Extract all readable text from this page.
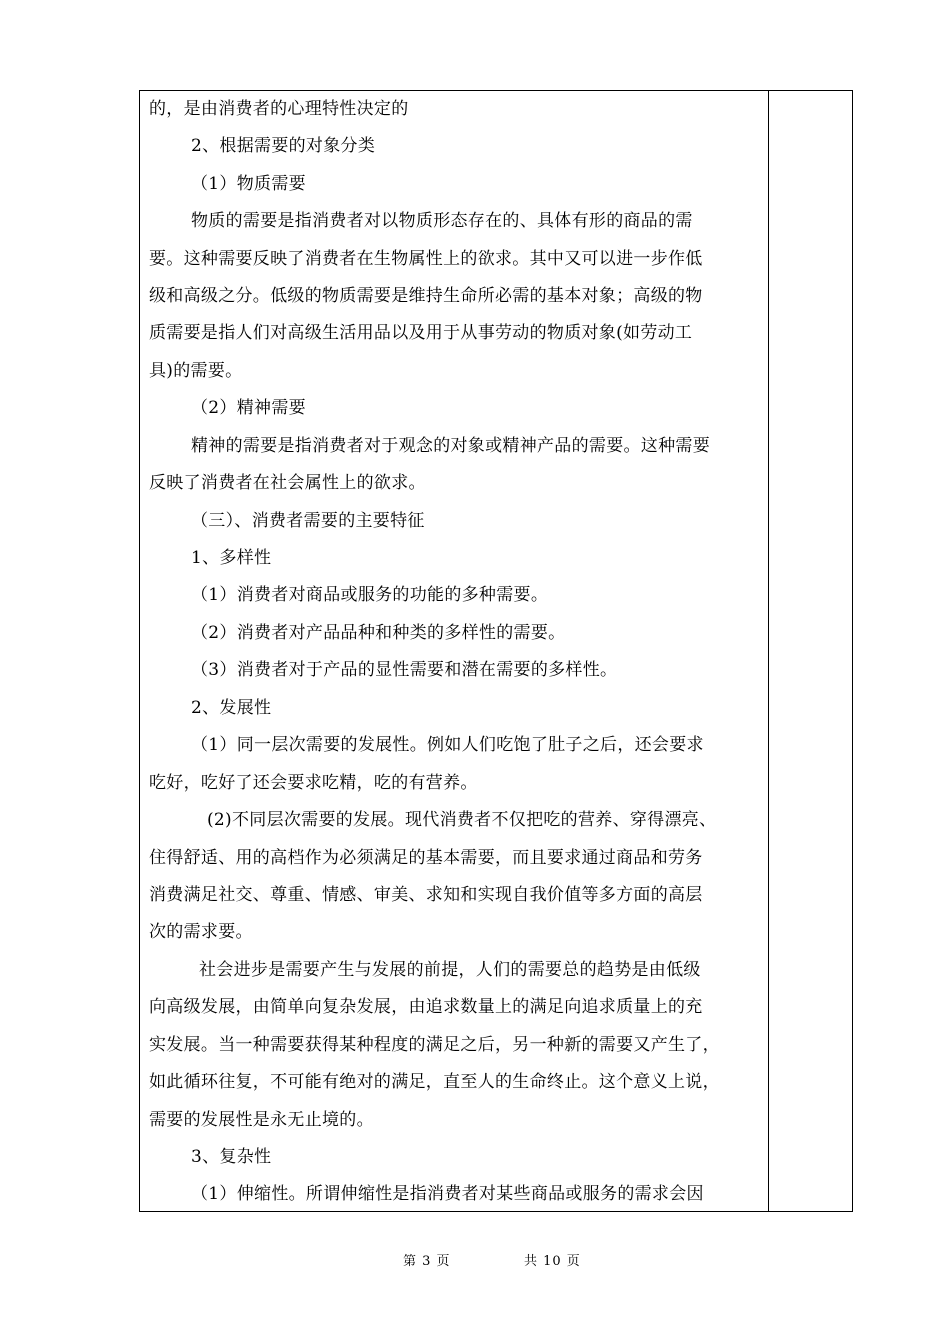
的，是由消费者的心理特性决定的
2、根据需要的对象分类
（1）物质需要
物质的需要是指消费者对以物质形态存在的、具体有形的商品的需
要。这种需要反映了消费者在生物属性上的欲求。其中又可以进一步作低
级和高级之分。低级的物质需要是维持生命所必需的基本对象；高级的物
质需要是指人们对高级生活用品以及用于从事劳动的物质对象(如劳动工
具)的需要。
（2）精神需要
精神的需要是指消费者对于观念的对象或精神产品的需要。这种需要
反映了消费者在社会属性上的欲求。
（三）、消费者需要的主要特征
1、多样性
（1）消费者对商品或服务的功能的多种需要。
（2）消费者对产品品种和种类的多样性的需要。
（3）消费者对于产品的显性需要和潜在需要的多样性。
2、发展性
（1）同一层次需要的发展性。例如人们吃饱了肚子之后，还会要求
吃好，吃好了还会要求吃精，吃的有营养。
(2)不同层次需要的发展。现代消费者不仅把吃的营养、穿得漂亮、
住得舒适、用的高档作为必须满足的基本需要，而且要求通过商品和劳务
消费满足社交、尊重、情感、审美、求知和实现自我价值等多方面的高层
次的需求要。
社会进步是需要产生与发展的前提，人们的需要总的趋势是由低级
向高级发展，由简单向复杂发展，由追求数量上的满足向追求质量上的充
实发展。当一种需要获得某种程度的满足之后，另一种新的需要又产生了，
如此循环往复，不可能有绝对的满足，直至人的生命终止。这个意义上说，
需要的发展性是永无止境的。
3、复杂性
（1）伸缩性。所谓伸缩性是指消费者对某些商品或服务的需求会因
第 3 页	共 10 页
